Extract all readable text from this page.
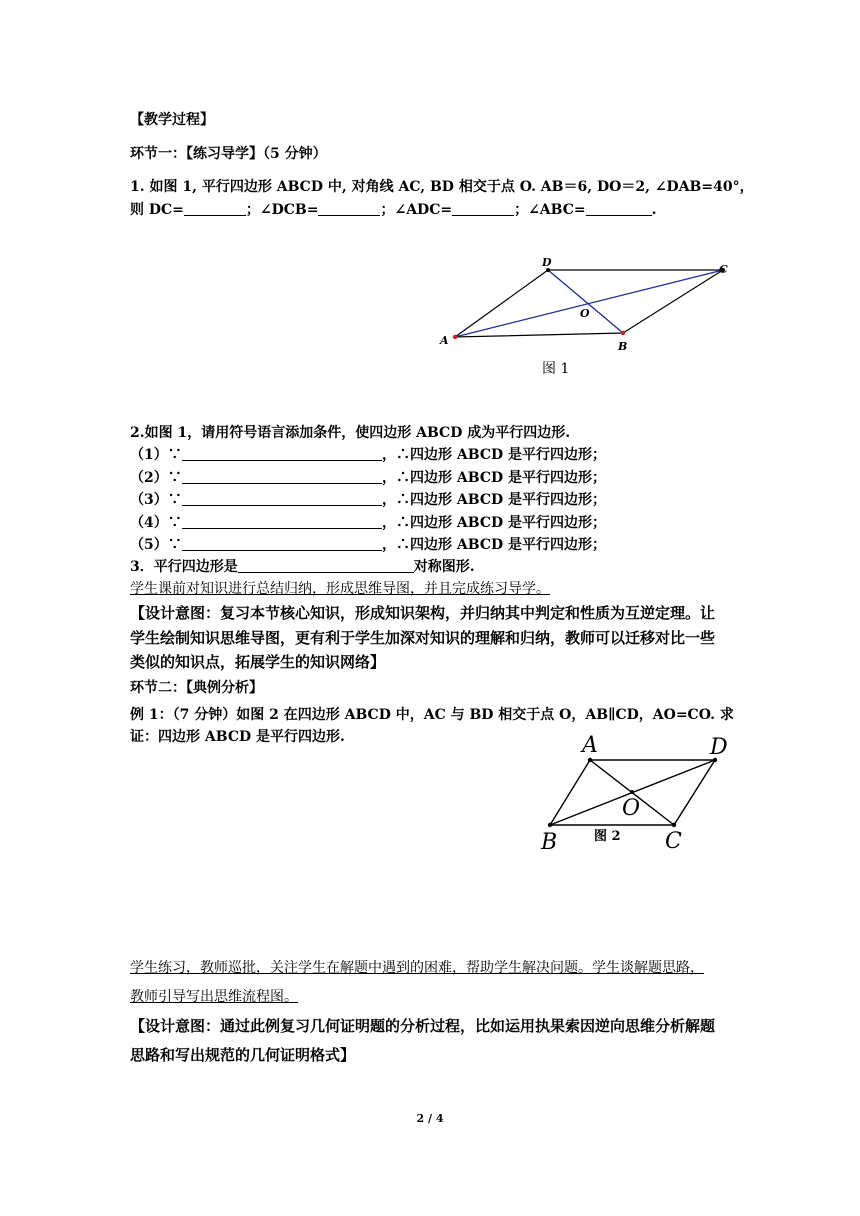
【教学过程】
环节一：【练习导学】（5 分钟）
1. 如图 1, 平行四边形 ABCD 中, 对角线 AC, BD 相交于点 O. AB＝6, DO＝2, ∠DAB=40°，
则 DC=	；∠DCB=	；∠ADC=	；∠ABC=	.
A
D
C
B
O
图 1
2.如图 1，请用符号语言添加条件，使四边形 ABCD 成为平行四边形.
（1）∵	，∴四边形 ABCD 是平行四边形；
（2）∵	，∴四边形 ABCD 是平行四边形；
（3）∵	，∴四边形 ABCD 是平行四边形；
（4）∵	，∴四边形 ABCD 是平行四边形；
（5）∵	，∴四边形 ABCD 是平行四边形；
3．平行四边形是	对称图形.
学生课前对知识进行总结归纳，形成思维导图，并且完成练习导学。
【设计意图：复习本节核心知识，形成知识架构，并归纳其中判定和性质为互逆定理。让
学生绘制知识思维导图，更有利于学生加深对知识的理解和归纳，教师可以迁移对比一些
类似的知识点，拓展学生的知识网络】
环节二：【典例分析】
例 1：（7 分钟）如图 2 在四边形 ABCD 中，AC 与 BD 相交于点 O，AB∥CD，AO=CO. 求
证：四边形 ABCD 是平行四边形.	A	D
O
B	C
图 2
学生练习，教师巡批，关注学生在解题中遇到的困难，帮助学生解决问题。学生谈解题思路，
教师引导写出思维流程图。
【设计意图：通过此例复习几何证明题的分析过程，比如运用执果索因逆向思维分析解题
思路和写出规范的几何证明格式】
2 / 4
